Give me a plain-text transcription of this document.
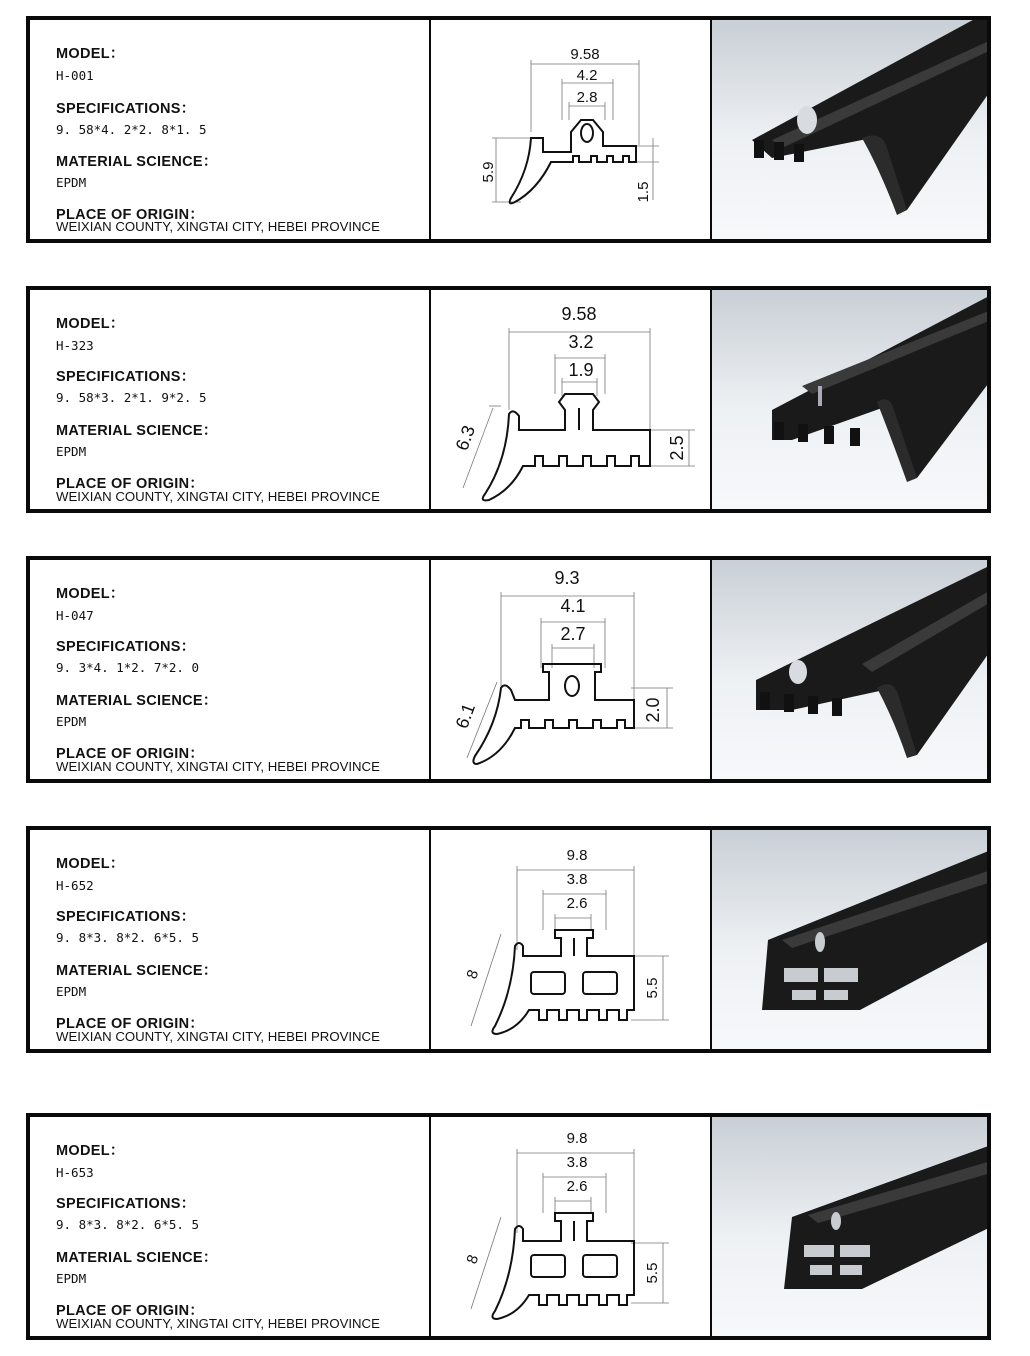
MODEL：
H-001
SPECIFICATIONS：
9. 58*4. 2*2. 8*1. 5
MATERIAL SCIENCE：
EPDM
PLACE OF ORIGIN：
WEIXIAN COUNTY, XINGTAI CITY, HEBEI PROVINCE
9.58
4.2
2.8
5.9
1.5
MODEL：
H-323
SPECIFICATIONS：
9. 58*3. 2*1. 9*2. 5
MATERIAL SCIENCE：
EPDM
PLACE OF ORIGIN：
WEIXIAN COUNTY, XINGTAI CITY, HEBEI PROVINCE
9.58
3.2
1.9
6.3	2.5
MODEL：
H-047
SPECIFICATIONS：
9. 3*4. 1*2. 7*2. 0
MATERIAL SCIENCE：
EPDM
PLACE OF ORIGIN：
WEIXIAN COUNTY, XINGTAI CITY, HEBEI PROVINCE
9.3
4.1
2.7
6.1	2.0
MODEL：
H-652
SPECIFICATIONS：
9. 8*3. 8*2. 6*5. 5
MATERIAL SCIENCE：
EPDM
PLACE OF ORIGIN：
WEIXIAN COUNTY, XINGTAI CITY, HEBEI PROVINCE
9.8
3.8
2.6
8
5.5
MODEL：
H-653
SPECIFICATIONS：
9. 8*3. 8*2. 6*5. 5
MATERIAL SCIENCE：
EPDM
PLACE OF ORIGIN：
WEIXIAN COUNTY, XINGTAI CITY, HEBEI PROVINCE
9.8
3.8
2.6
8
5.5
